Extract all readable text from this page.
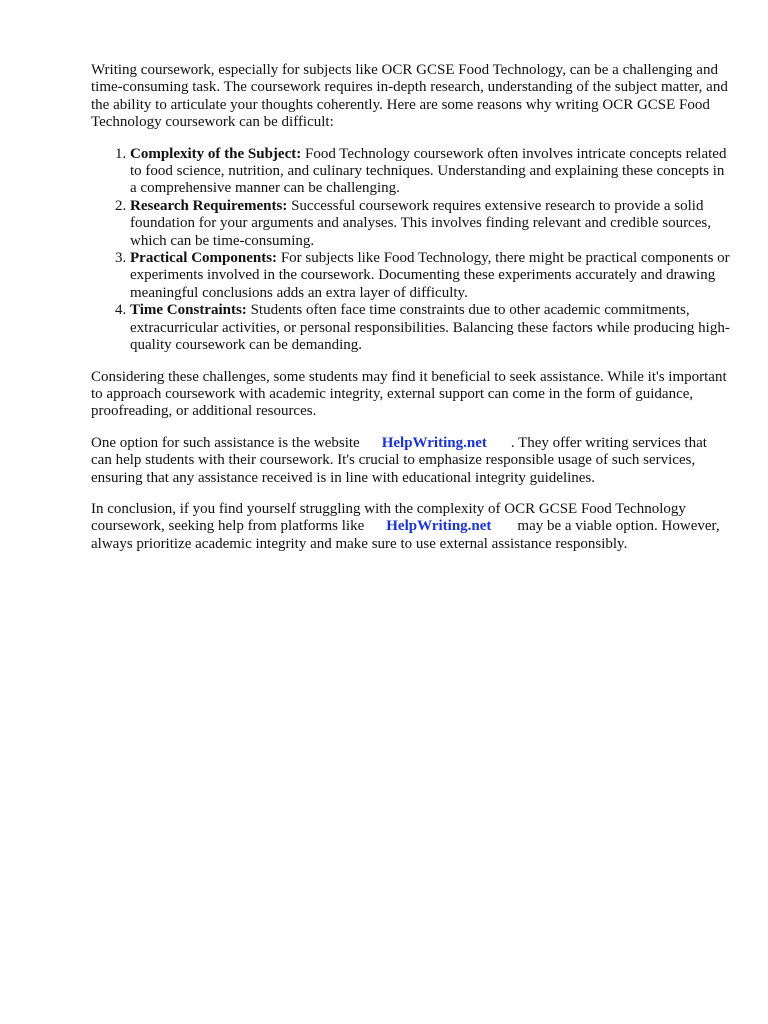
Writing coursework, especially for subjects like OCR GCSE Food Technology, can be a challenging and time-consuming task. The coursework requires in-depth research, understanding of the subject matter, and the ability to articulate your thoughts coherently. Here are some reasons why writing OCR GCSE Food Technology coursework can be difficult:

1. Complexity of the Subject: Food Technology coursework often involves intricate concepts related to food science, nutrition, and culinary techniques. Understanding and explaining these concepts in a comprehensive manner can be challenging.
2. Research Requirements: Successful coursework requires extensive research to provide a solid foundation for your arguments and analyses. This involves finding relevant and credible sources, which can be time-consuming.
3. Practical Components: For subjects like Food Technology, there might be practical components or experiments involved in the coursework. Documenting these experiments accurately and drawing meaningful conclusions adds an extra layer of difficulty.
4. Time Constraints: Students often face time constraints due to other academic commitments, extracurricular activities, or personal responsibilities. Balancing these factors while producing high-quality coursework can be demanding.

Considering these challenges, some students may find it beneficial to seek assistance. While it's important to approach coursework with academic integrity, external support can come in the form of guidance, proofreading, or additional resources.

One option for such assistance is the website HelpWriting.net . They offer writing services that can help students with their coursework. It's crucial to emphasize responsible usage of such services, ensuring that any assistance received is in line with educational integrity guidelines.

In conclusion, if you find yourself struggling with the complexity of OCR GCSE Food Technology coursework, seeking help from platforms like HelpWriting.net may be a viable option. However, always prioritize academic integrity and make sure to use external assistance responsibly.
